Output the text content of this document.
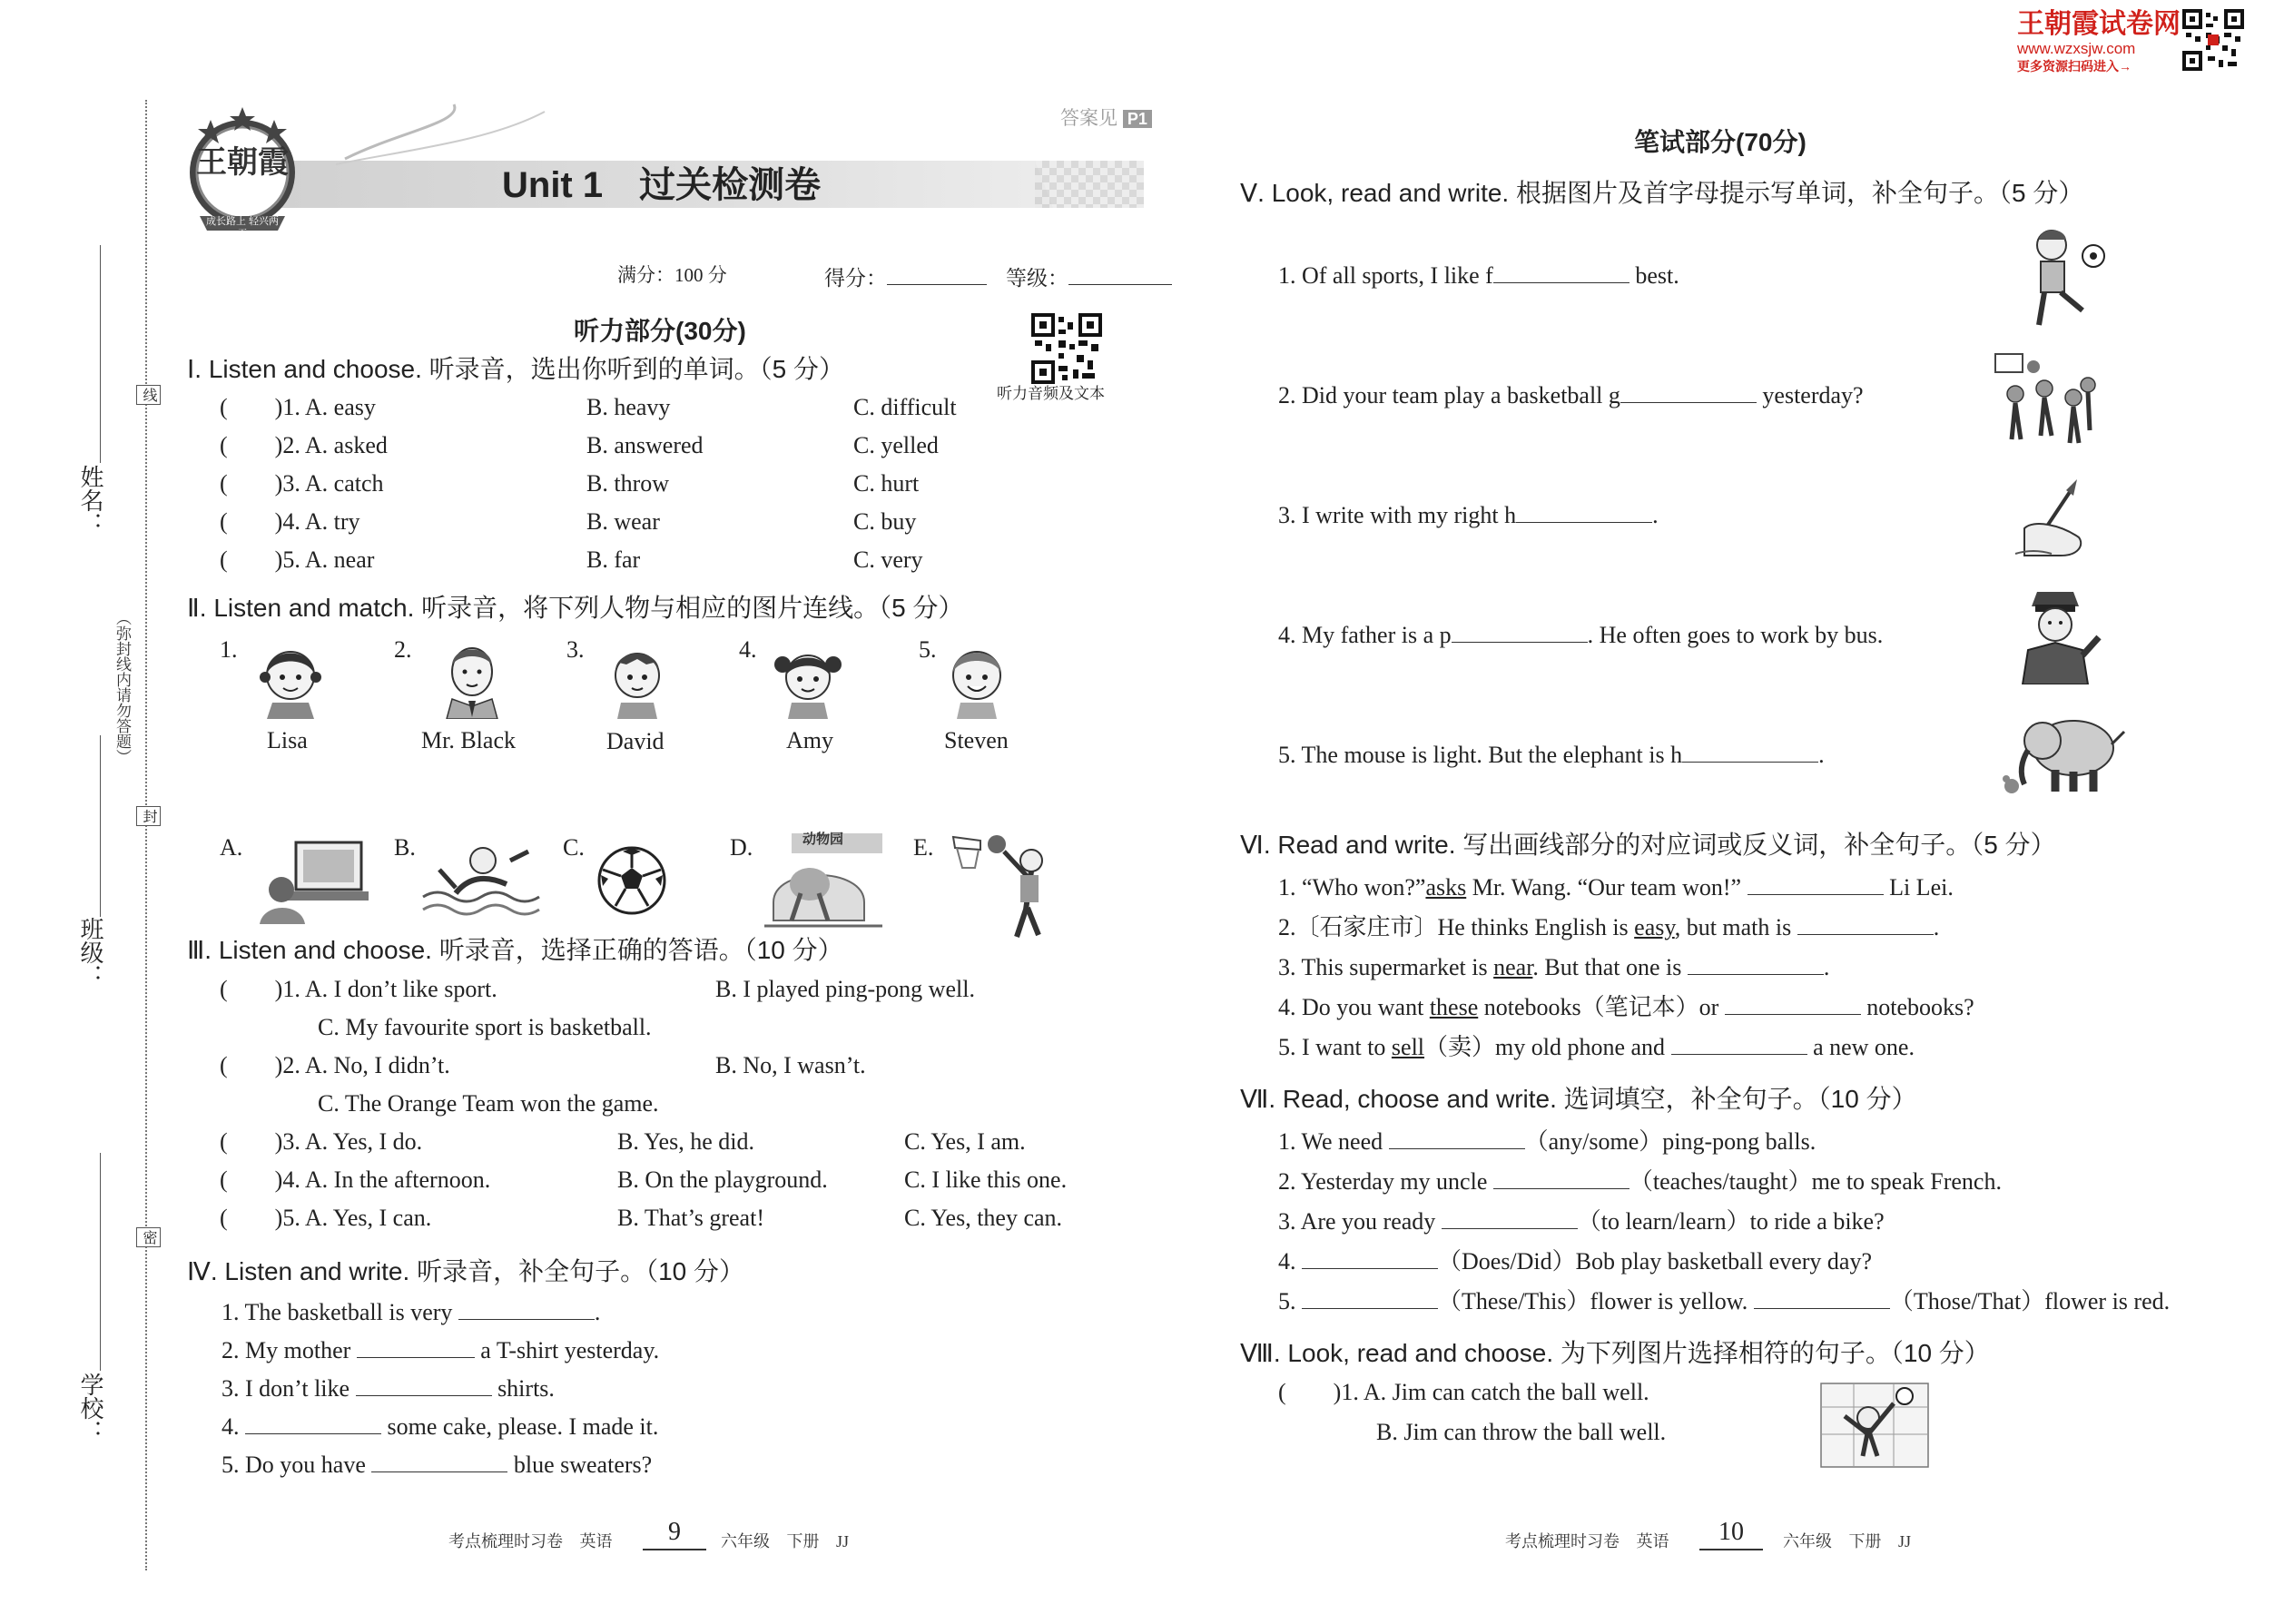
王朝霞试卷网
www.wzxsjw.com
更多资源扫码进入→
姓名：
（弥封线内请勿答题）
班级：
学校：
线
封
密
王朝霞
成长路上 轻兴两天
答案见 P1
Unit 1　过关检测卷
满分：100 分	得分：	等级：
听力部分(30分)
听力音频及文本
Ⅰ. Listen and choose. 听录音，选出你听到的单词。（5 分）
(　　)1. A. easy	B. heavy	C. difficult
(　　)2. A. asked	B. answered	C. yelled
(　　)3. A. catch	B. throw	C. hurt
(　　)4. A. try	B. wear	C. buy
(　　)5. A. near	B. far	C. very
Ⅱ. Listen and match. 听录音，将下列人物与相应的图片连线。（5 分）
1.
Lisa
2.
Mr. Black
3.
David
4.
Amy
5.
Steven
A.	B.	C.	D.	动物园	E.
Ⅲ. Listen and choose. 听录音，选择正确的答语。（10 分）
(　　)1. A. I don’t like sport.	B. I played ping-pong well.
C. My favourite sport is basketball.
(　　)2. A. No, I didn’t.	B. No, I wasn’t.
C. The Orange Team won the game.
(　　)3. A. Yes, I do.	B. Yes, he did.	C. Yes, I am.
(　　)4. A. In the afternoon.	B. On the playground.	C. I like this one.
(　　)5. A. Yes, I can.	B. That’s great!	C. Yes, they can.
Ⅳ. Listen and write. 听录音，补全句子。（10 分）
1. The basketball is very	.
2. My mother	a T-shirt yesterday.
3. I don’t like	shirts.
4.	some cake, please. I made it.
5. Do you have	blue sweaters?
考点梳理时习卷 英语	9	六年级 下册 JJ
笔试部分(70分)
Ⅴ. Look, read and write. 根据图片及首字母提示写单词，补全句子。（5 分）
1. Of all sports, I like f	best.
2. Did your team play a basketball g	yesterday?
3. I write with my right h	.
4. My father is a p	. He often goes to work by bus.
5. The mouse is light. But the elephant is h	.
Ⅵ. Read and write. 写出画线部分的对应词或反义词，补全句子。（5 分）
1. “Who won?”asks Mr. Wang. “Our team won!”	Li Lei.
2.〔石家庄市〕He thinks English is easy, but math is	.
3. This supermarket is near. But that one is	.
4. Do you want these notebooks（笔记本）or	notebooks?
5. I want to sell（卖）my old phone and	a new one.
Ⅶ. Read, choose and write. 选词填空，补全句子。（10 分）
1. We need	（any/some）ping-pong balls.
2. Yesterday my uncle	（teaches/taught）me to speak French.
3. Are you ready	（to learn/learn）to ride a bike?
4.	（Does/Did）Bob play basketball every day?
5.	（These/This）flower is yellow.	（Those/That）flower is red.
Ⅷ. Look, read and choose. 为下列图片选择相符的句子。（10 分）
(　　)1. A. Jim can catch the ball well.
B. Jim can throw the ball well.
考点梳理时习卷 英语	10	六年级 下册 JJ
